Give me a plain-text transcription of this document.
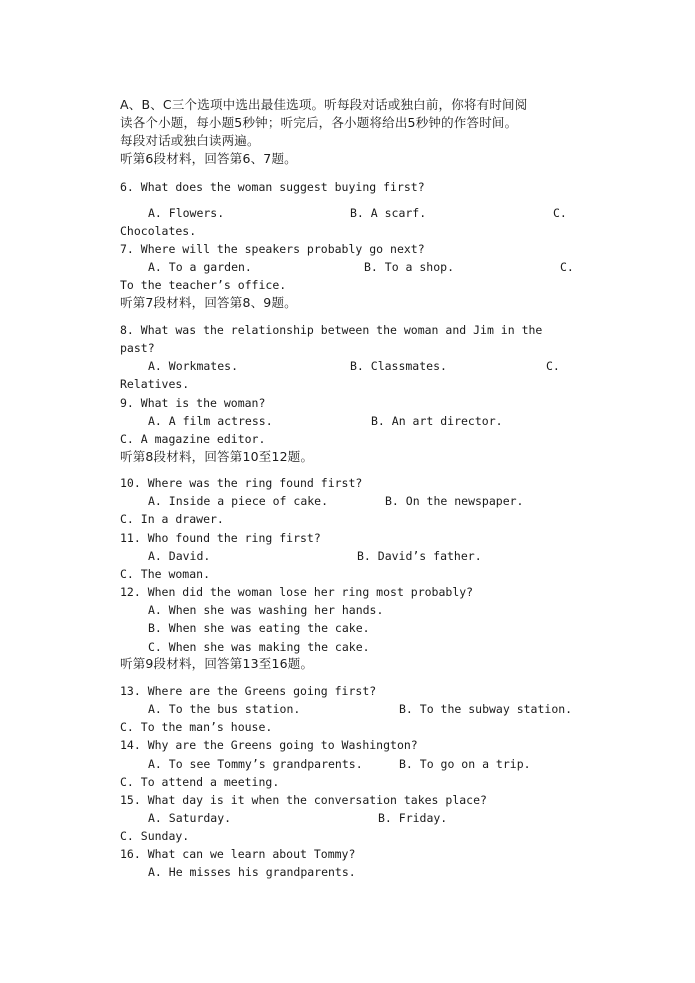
A、B、C三个选项中选出最佳选项。听每段对话或独白前，你将有时间阅
读各个小题，每小题5秒钟；听完后，各小题将给出5秒钟的作答时间。
每段对话或独白读两遍。
听第6段材料，回答第6、7题。
6. What does the woman suggest buying first?
A. Flowers.	B. A scarf.	C.
Chocolates.
7. Where will the speakers probably go next?
A. To a garden.	B. To a shop.	C.
To the teacher’s office.
听第7段材料，回答第8、9题。
8. What was the relationship between the woman and Jim in the
past?
A. Workmates.	B. Classmates.	C.
Relatives.
9. What is the woman?
A. A film actress.	B. An art director.
C. A magazine editor.
听第8段材料，回答第10至12题。
10. Where was the ring found first?
A. Inside a piece of cake.	B. On the newspaper.
C. In a drawer.
11. Who found the ring first?
A. David.	B. David’s father.
C. The woman.
12. When did the woman lose her ring most probably?
A. When she was washing her hands.
B. When she was eating the cake.
C. When she was making the cake.
听第9段材料，回答第13至16题。
13. Where are the Greens going first?
A. To the bus station.	B. To the subway station.
C. To the man’s house.
14. Why are the Greens going to Washington?
A. To see Tommy’s grandparents.	B. To go on a trip.
C. To attend a meeting.
15. What day is it when the conversation takes place?
A. Saturday.	B. Friday.
C. Sunday.
16. What can we learn about Tommy?
A. He misses his grandparents.
